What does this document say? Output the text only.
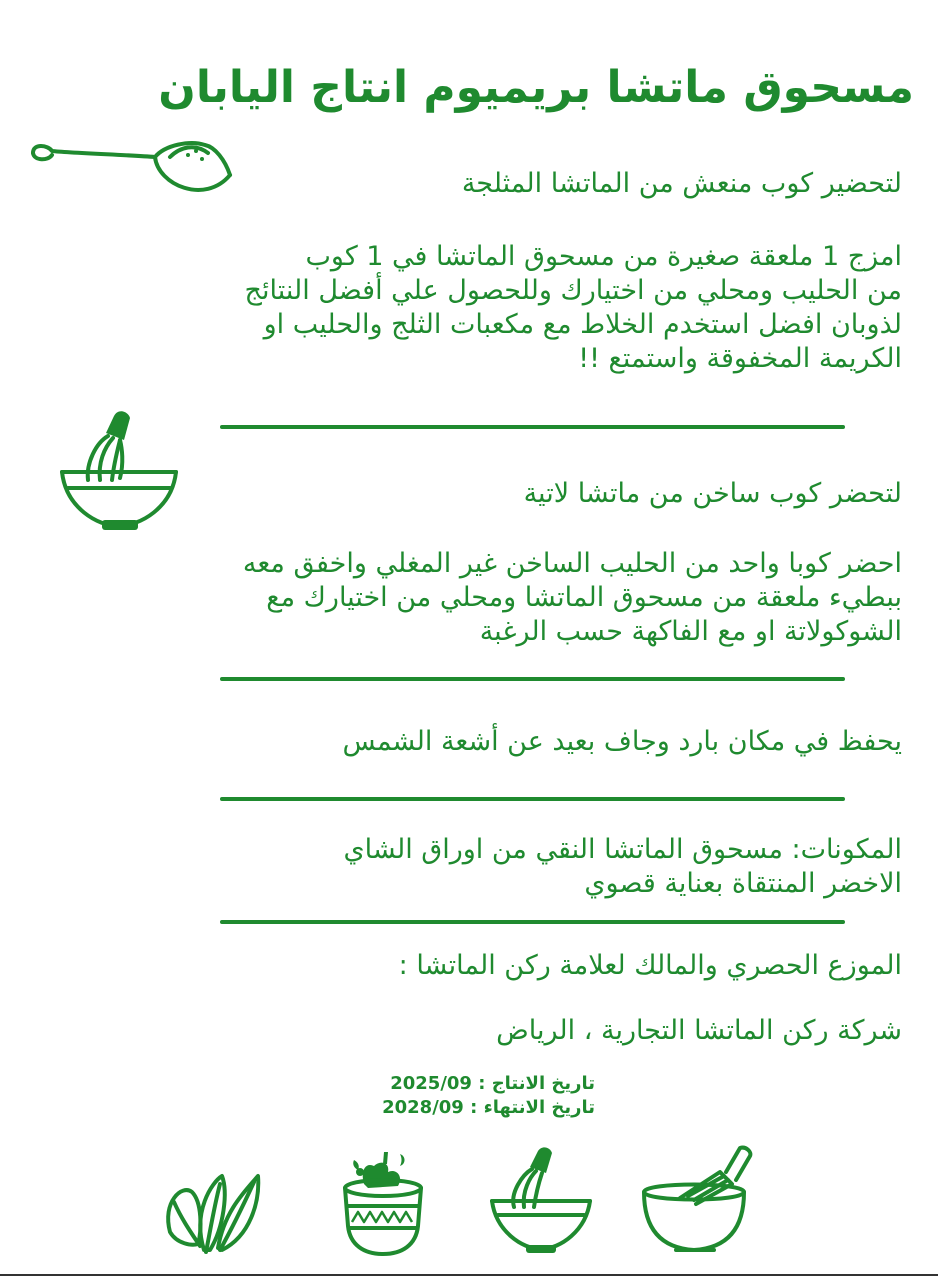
مسحوق ماتشا بريميوم انتاج اليابان
لتحضير كوب منعش من الماتشا المثلجة
امزج 1 ملعقة صغيرة من مسحوق الماتشا في 1 كوب
من الحليب ومحلي من اختيارك وللحصول علي أفضل النتائج
لذوبان افضل استخدم الخلاط مع مكعبات الثلج والحليب او
الكريمة المخفوقة واستمتع !!
لتحضر كوب ساخن من ماتشا لاتية
احضر كوبا واحد من الحليب الساخن غير المغلي واخفق معه
ببطيء ملعقة من مسحوق الماتشا ومحلي من اختيارك مع
الشوكولاتة او مع الفاكهة حسب الرغبة
يحفظ في مكان بارد وجاف بعيد عن أشعة الشمس
المكونات: مسحوق الماتشا النقي من اوراق الشاي
الاخضر المنتقاة بعناية قصوي
الموزع الحصري والمالك لعلامة ركن الماتشا :
شركة ركن الماتشا التجارية ، الرياض
تاريخ الانتاج : 2025/09
تاريخ الانتهاء : 2028/09
